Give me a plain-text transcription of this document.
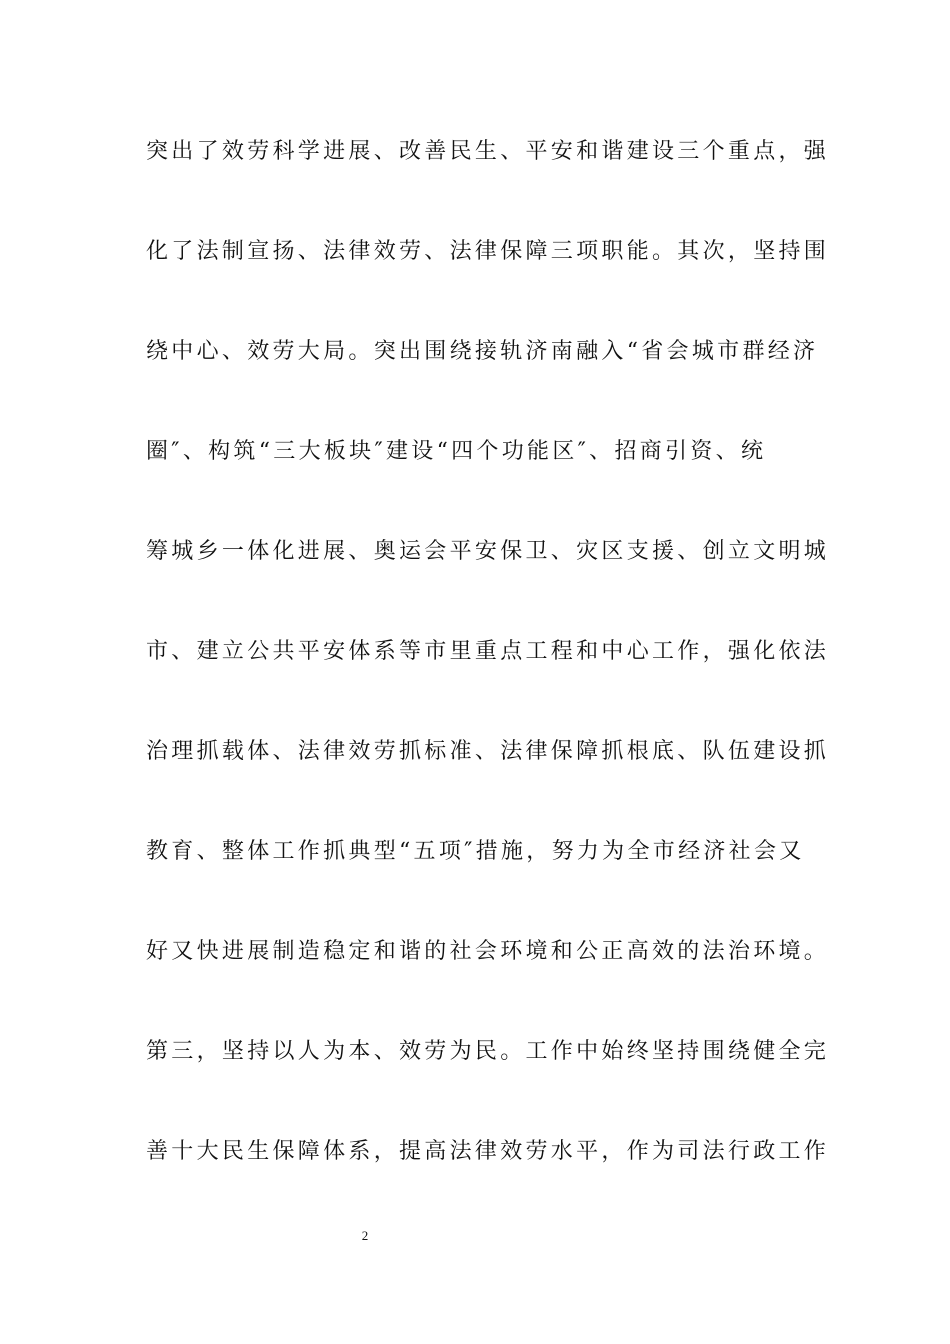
突出了效劳科学进展、改善民生、平安和谐建设三个重点，强
化了法制宣扬、法律效劳、法律保障三项职能。其次，坚持围
绕中心、效劳大局。突出围绕接轨济南融入“省会城市群经济
圈″、构筑“三大板块″建设“四个功能区″、招商引资、统
筹城乡一体化进展、奥运会平安保卫、灾区支援、创立文明城
市、建立公共平安体系等市里重点工程和中心工作，强化依法
治理抓载体、法律效劳抓标准、法律保障抓根底、队伍建设抓
教育、整体工作抓典型“五项″措施，努力为全市经济社会又
好又快进展制造稳定和谐的社会环境和公正高效的法治环境。
第三，坚持以人为本、效劳为民。工作中始终坚持围绕健全完
善十大民生保障体系，提高法律效劳水平，作为司法行政工作
2
